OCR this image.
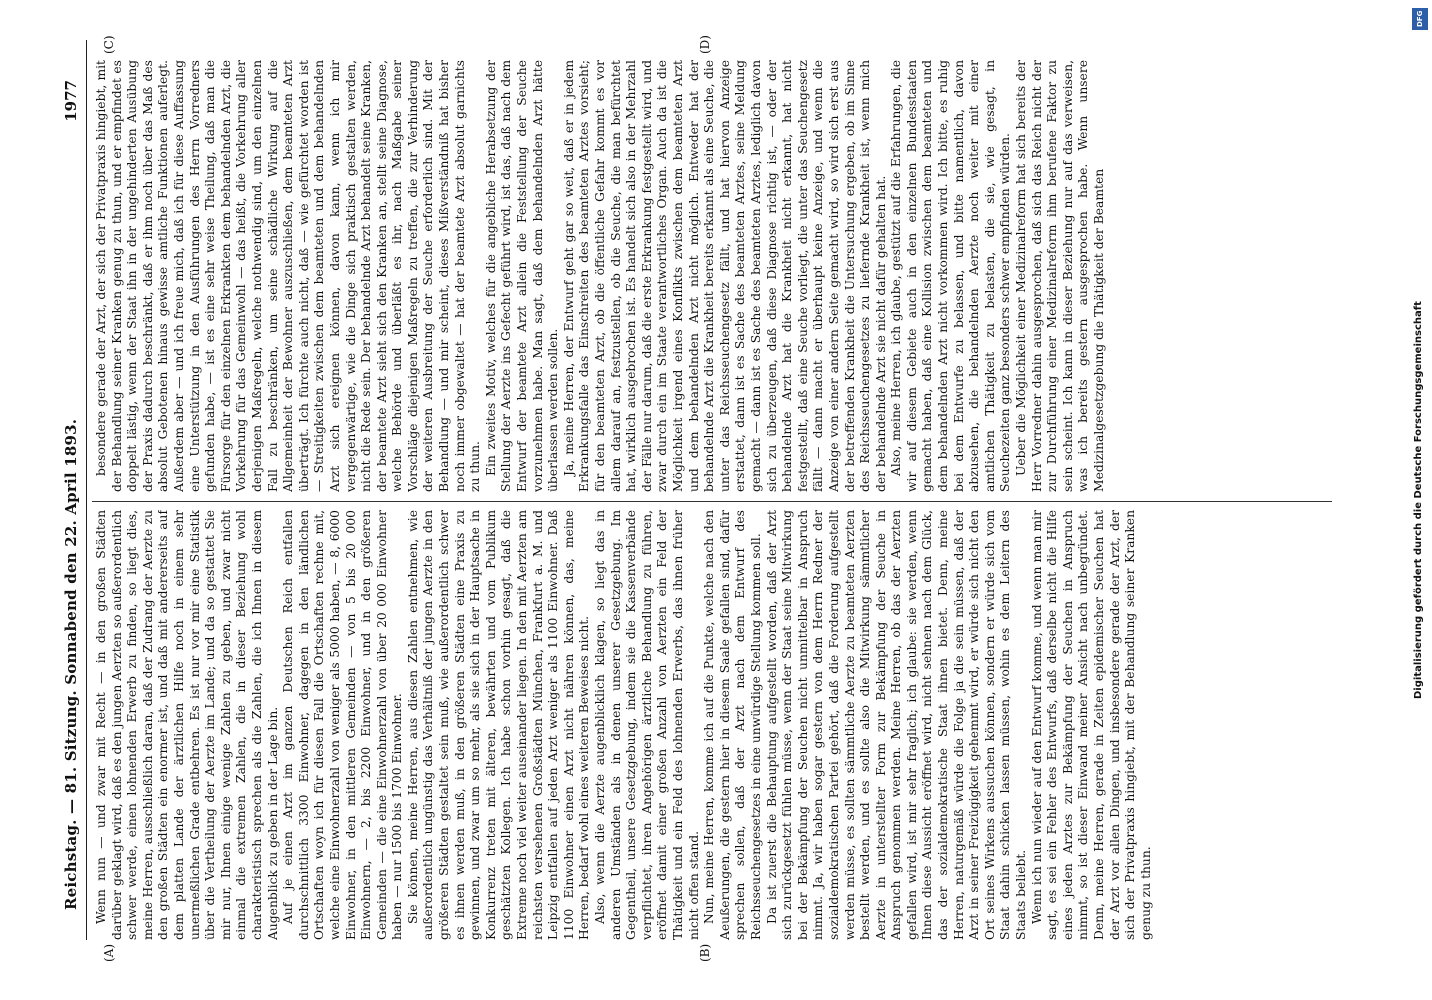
Reichstag. — 81. Sitzung. Sonnabend den 22. April 1893.
1977
(A)	(B)
(C)	(D)

Wenn nun — und zwar mit Recht — in den großen Städten darüber geklagt wird, daß es den jungen Aerzten so außerordentlich schwer werde, einen lohnenden Erwerb zu finden, so liegt dies, meine Herren, ausschließlich daran, daß der Zudrang der Aerzte zu den großen Städten ein enormer ist, und daß mit andererseits auf dem platten Lande der ärztlichen Hilfe noch in einem sehr unermeßlichen Grade entbehren. Es ist nur vor mir eine Statistik über die Vertheilung der Aerzte im Lande; und da so gestattet Sie mir nur, Ihnen einige wenige Zahlen zu geben, und zwar nicht einmal die extremen Zahlen, die in dieser Beziehung wohl charakteristisch sprechen als die Zahlen, die ich Ihnen in diesem Augenblick zu geben in der Lage bin. Auf je einen Arzt im ganzen Deutschen Reich entfallen durchschnittlich 3300 Einwohner, dagegen in den ländlichen Ortschaften woyn ich für diesen Fall die Ortschaften rechne mit, welche eine Einwohnerzahl von weniger als 5000 haben, — 8, 6000 Einwohner, in den mittleren Gemeinden — von 5 bis 20 000 Einwohnern, — 2, bis 2200 Einwohner, und in den größeren Gemeinden — die eine Einwohnerzahl von über 20 000 Einwohner haben — nur 1500 bis 1700 Einwohner. Sie können, meine Herren, aus diesen Zahlen entnehmen, wie außerordentlich ungünstig das Verhältniß der jungen Aerzte in den größeren Städten gestaltet sein muß, wie außerordentlich schwer es ihnen werden muß, in den größeren Städten eine Praxis zu gewinnen, und zwar um so mehr, als sie sich in der Hauptsache in Konkurrenz treten mit älteren, bewährten und vom Publikum geschätzten Kollegen. Ich habe schon vorhin gesagt, daß die Extreme noch viel weiter auseinander liegen. In den mit Aerzten am reichsten versehenen Großstädten München, Frankfurt a. M. und Leipzig entfallen auf jeden Arzt weniger als 1100 Einwohner. Daß 1100 Einwohner einen Arzt nicht nähren können, das, meine Herren, bedarf wohl eines weiteren Beweises nicht. Also, wenn die Aerzte augenblicklich klagen, so liegt das in anderen Umständen als in denen unserer Gesetzgebung. Im Gegentheil, unsere Gesetzgebung, indem sie die Kassenverbände verpflichtet, ihren Angehörigen ärztliche Behandlung zu führen, eröffnet damit einer großen Anzahl von Aerzten ein Feld der Thätigkeit und ein Feld des lohnenden Erwerbs, das ihnen früher nicht offen stand. Nun, meine Herren, komme ich auf die Punkte, welche nach den Aeußerungen, die gestern hier in diesem Saale gefallen sind, dafür sprechen sollen, daß der Arzt nach dem Entwurf des Reichsseuchengesetzes in eine unwürdige Stellung kommen soll. Da ist zuerst die Behauptung aufgestellt worden, daß der Arzt sich zurückgesetzt fühlen müsse, wenn der Staat seine Mitwirkung bei der Bekämpfung der Seuchen nicht unmittelbar in Anspruch nimmt. Ja, wir haben sogar gestern von dem Herrn Redner der sozialdemokratischen Partei gehört, daß die Forderung aufgestellt werden müsse, es sollten sämmtliche Aerzte zu beamteten Aerzten bestellt werden, und es sollte also die Mitwirkung sämmtlicher Aerzte in unterstellter Form zur Bekämpfung der Seuche in Anspruch genommen werden. Meine Herren, ob das der Aerzten gefallen wird, ist mir sehr fraglich; ich glaube: sie werden, wenn Ihnen diese Aussicht eröffnet wird, nicht sehnen nach dem Glück, das der sozialdemokratische Staat ihnen bietet. Denn, meine Herren, naturgemäß würde die Folge ja die sein müssen, daß der Arzt in seiner Freizügigkeit gehemmt wird, er würde sich nicht den Ort seines Wirkens aussuchen können, sondern er würde sich vom Staat dahin schicken lassen müssen, wohin es dem Leitern des Staats beliebt. Wenn ich nun wieder auf den Entwurf komme, und wenn man mir sagt, es sei ein Fehler des Entwurfs, daß derselbe nicht die Hilfe eines jeden Arztes zur Bekämpfung der Seuchen in Anspruch nimmt, so ist dieser Einwand meiner Ansicht nach unbegründet. Denn, meine Herren, gerade in Zeiten epidemischer Seuchen hat der Arzt vor allen Dingen, und insbesondere gerade der Arzt, der sich der Privatpraxis hingiebt, mit der Behandlung seiner Kranken genug zu thun.

besondere gerade der Arzt, der sich der Privatpraxis hingiebt, mit der Behandlung seiner Kranken genug zu thun, und er empfindet es doppelt lästig, wenn der Staat ihn in der ungehinderten Ausübung der Praxis dadurch beschränkt, daß er ihm noch über das Maß des absolut Gebotenen hinaus gewisse amtliche Funktionen auferlegt. Außerdem aber — und ich freue mich, daß ich für diese Auffassung eine Unterstützung in den Ausführungen des Herrn Vorredners gefunden habe, — ist es eine sehr weise Theilung, daß man die Fürsorge für den einzelnen Erkrankten dem behandelnden Arzt, die Vorkehrung für das Gemeinwohl — das heißt, die Vorkehrung aller derjenigen Maßregeln, welche nothwendig sind, um den einzelnen Fall zu beschränken, um seine schädliche Wirkung auf die Allgemeinheit der Bewohner auszuschließen, dem beamteten Arzt überträgt. Ich fürchte auch nicht, daß — wie gefürchtet worden ist — Streitigkeiten zwischen dem beamteten und dem behandelnden Arzt sich ereignen können, davon kann, wenn ich mir vergegenwärtige, wie die Dinge sich praktisch gestalten werden, nicht die Rede sein. Der behandelnde Arzt behandelt seine Kranken, der beamtete Arzt sieht sich den Kranken an, stellt seine Diagnose, welche Behörde und überläßt es ihr, nach Maßgabe seiner Vorschläge diejenigen Maßregeln zu treffen, die zur Verhinderung der weiteren Ausbreitung der Seuche erforderlich sind. Mit der Behandlung — und mir scheint, dieses Mißverständniß hat bisher noch immer obgewaltet — hat der beamtete Arzt absolut garnichts zu thun. Ein zweites Motiv, welches für die angebliche Herabsetzung der Stellung der Aerzte ins Gefecht geführt wird, ist das, daß nach dem Entwurf der beamtete Arzt allein die Feststellung der Seuche vorzunehmen habe. Man sagt, daß dem behandelnden Arzt hätte überlassen werden sollen. Ja, meine Herren, der Entwurf geht gar so weit, daß er in jedem Erkrankungsfalle das Einschreiten des beamteten Arztes vorsieht; für den beamteten Arzt, ob die öffentliche Gefahr kommt es vor allem darauf an, festzustellen, ob die Seuche, die man befürchtet hat, wirklich ausgebrochen ist. Es handelt sich also in der Mehrzahl der Fälle nur darum, daß die erste Erkrankung festgestellt wird, und zwar durch ein im Staate verantwortliches Organ. Auch da ist die Möglichkeit irgend eines Konflikts zwischen dem beamteten Arzt und dem behandelnden Arzt nicht möglich. Entweder hat der behandelnde Arzt die Krankheit bereits erkannt als eine Seuche, die unter das Reichsseuchengesetz fällt, und hat hiervon Anzeige erstattet, dann ist es Sache des beamteten Arztes, seine Meldung gemacht — dann ist es Sache des beamteten Arztes, lediglich davon sich zu überzeugen, daß diese Diagnose richtig ist, — oder der behandelnde Arzt hat die Krankheit nicht erkannt, hat nicht festgestellt, daß eine Seuche vorliegt, die unter das Seuchengesetz fällt — dann macht er überhaupt keine Anzeige, und wenn die Anzeige von einer andern Seite gemacht wird, so wird sich erst aus der betreffenden Krankheit die Untersuchung ergeben, ob im Sinne des Reichsseuchengesetzes zu liefernde Krankheit ist, wenn mich der behandelnde Arzt sie nicht dafür gehalten hat. Also, meine Herren, ich glaube, gestützt auf die Erfahrungen, die wir auf diesem Gebiete auch in den einzelnen Bundesstaaten gemacht haben, daß eine Kollision zwischen dem beamteten und dem behandelnden Arzt nicht vorkommen wird. Ich bitte, es ruhig bei dem Entwurfe zu belassen, und bitte namentlich, davon abzusehen, die behandelnden Aerzte noch weiter mit einer amtlichen Thätigkeit zu belasten, die sie, wie gesagt, in Seuchezeiten ganz besonders schwer empfinden würden. Ueber die Möglichkeit einer Medizinalreform hat sich bereits der Herr Vorredner dahin ausgesprochen, daß sich das Reich nicht der zur Durchführung einer Medizinalreform ihm berufene Faktor zu sein scheint. Ich kann in dieser Beziehung nur auf das verweisen, was ich bereits gestern ausgesprochen habe. Wenn unsere Medizinalgesetzgebung die Thätigkeit der Beamten

DFG
Digitalisierung gefördert durch die Deutsche Forschungsgemeinschaft
